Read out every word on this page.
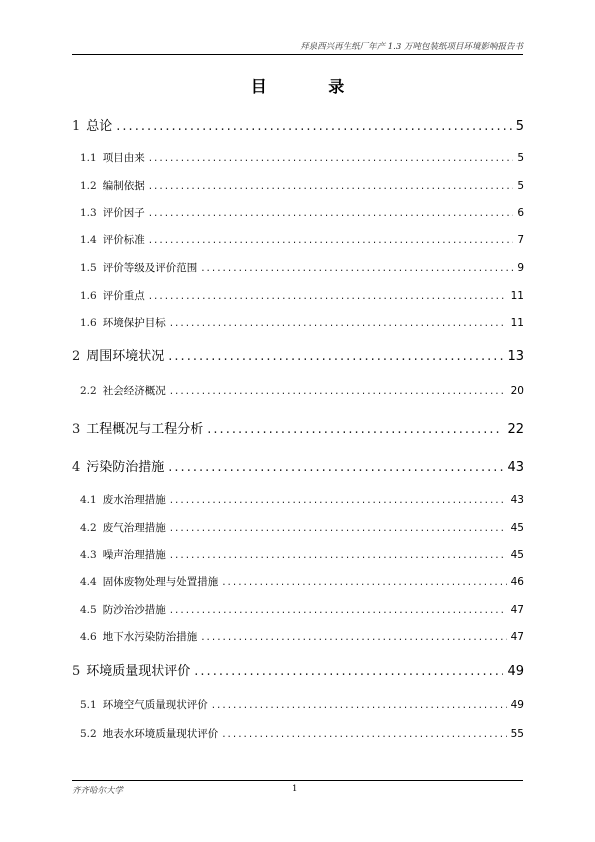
拜泉西兴再生纸厂年产 1.3 万吨包装纸项目环境影响报告书
目 录
1 总论 .....	5
1.1 项目由来 .....	5
1.2 编制依据 .....	5
1.3 评价因子 .....	6
1.4 评价标准 .....	7
1.5 评价等级及评价范围 .....	9
1.6 评价重点 .....	11
1.6 环境保护目标 .....	11
2 周围环境状况 .....	13
2.2 社会经济概况 .....	20
3 工程概况与工程分析 .....	22
4 污染防治措施 .....	43
4.1 废水治理措施 .....	43
4.2 废气治理措施 .....	45
4.3 噪声治理措施 .....	45
4.4 固体废物处理与处置措施 .....	46
4.5 防沙治沙措施 .....	47
4.6 地下水污染防治措施 .....	47
5 环境质量现状评价 .....	49
5.1 环境空气质量现状评价 .....	49
5.2 地表水环境质量现状评价 .....	55
齐齐哈尔大学	1
